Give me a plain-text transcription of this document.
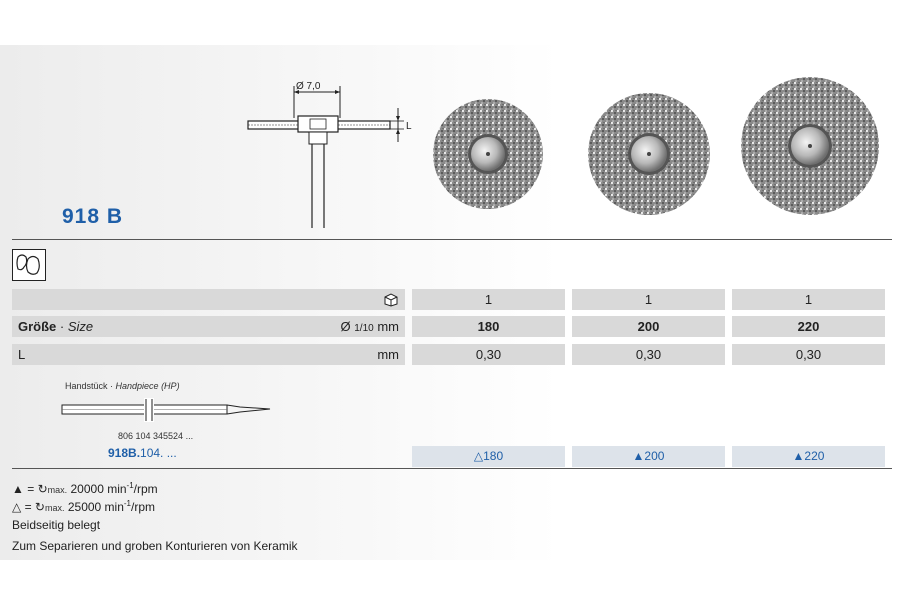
Ø 7,0
L
918 B
1	1	1
Größe · Size	Ø 1/10 mm	180	200	220
L	mm	0,30	0,30	0,30
Handstück · Handpiece (HP)
806 104 345524 ...
918B.104. ...	△180	▲200	▲220
▲ = ↻max. 20000 $\min^{-1}$/rpm
△ = ↻max. 25000 $\min^{-1}$/rpm
Beidseitig belegt
Zum Separieren und groben Konturieren von Keramik
